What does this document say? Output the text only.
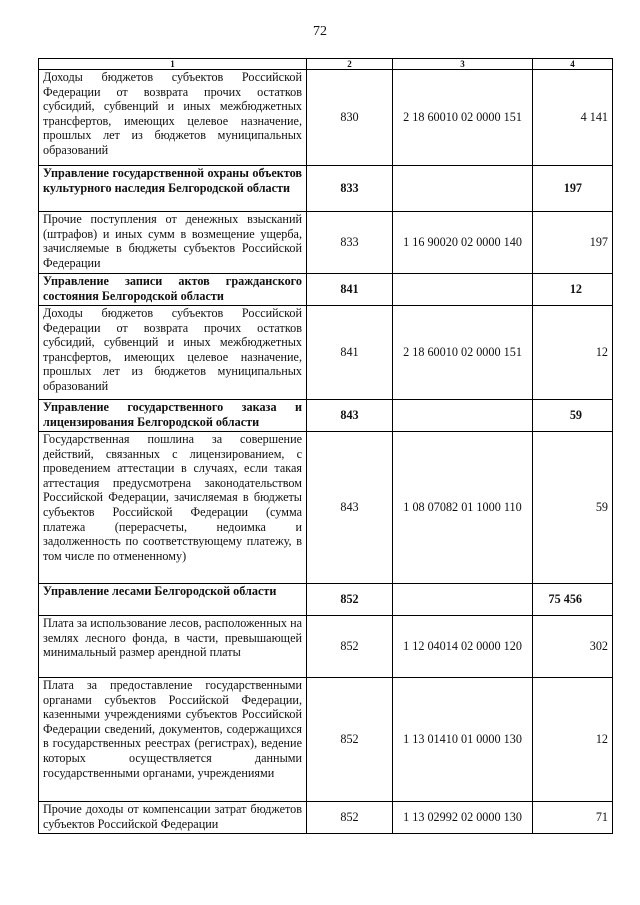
72
1	2	3	4
Доходы бюджетов субъектов Российской Федерации от возврата прочих остатков субсидий, субвенций и иных межбюджетных трансфертов, имеющих целевое назначение, прошлых лет из бюджетов муниципальных образований	830	2 18 60010 02 0000 151	4 141
Управление государственной охраны объектов культурного наследия Белгородской области	833		197
Прочие поступления от денежных взысканий (штрафов) и иных сумм в возмещение ущерба, зачисляемые в бюджеты субъектов Российской Федерации	833	1 16 90020 02 0000 140	197
Управление записи актов гражданского состояния Белгородской области	841		12
Доходы бюджетов субъектов Российской Федерации от возврата прочих остатков субсидий, субвенций и иных межбюджетных трансфертов, имеющих целевое назначение, прошлых лет из бюджетов муниципальных образований	841	2 18 60010 02 0000 151	12
Управление государственного заказа и лицензирования Белгородской области	843		59
Государственная пошлина за совершение действий, связанных с лицензированием, с проведением аттестации в случаях, если такая аттестация предусмотрена законодательством Российской Федерации, зачисляемая в бюджеты субъектов Российской Федерации (сумма платежа (перерасчеты, недоимка и задолженность по соответствующему платежу, в том числе по отмененному)	843	1 08 07082 01 1000 110	59
Управление лесами Белгородской области	852		75 456
Плата за использование лесов, расположенных на землях лесного фонда, в части, превышающей минимальный размер арендной платы	852	1 12 04014 02 0000 120	302
Плата за предоставление государственными органами субъектов Российской Федерации, казенными учреждениями субъектов Российской Федерации сведений, документов, содержащихся в государственных реестрах (регистрах), ведение которых осуществляется данными государственными органами, учреждениями	852	1 13 01410 01 0000 130	12
Прочие доходы от компенсации затрат бюджетов субъектов Российской Федерации	852	1 13 02992 02 0000 130	71
